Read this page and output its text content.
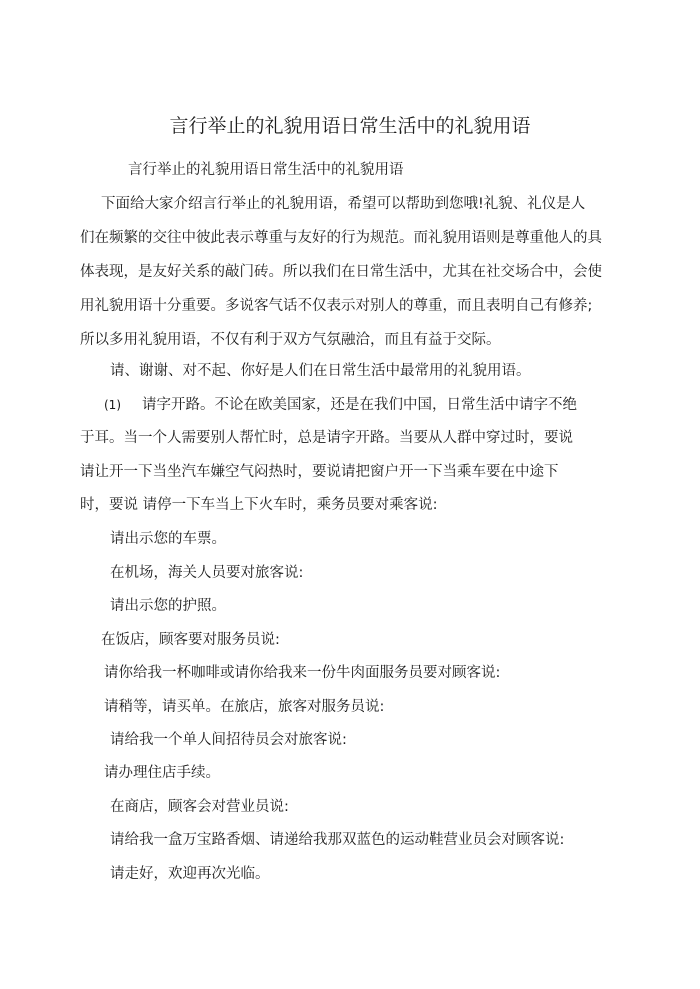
言行举止的礼貌用语日常生活中的礼貌用语
言行举止的礼貌用语日常生活中的礼貌用语
下面给大家介绍言行举止的礼貌用语，希望可以帮助到您哦!礼貌、礼仪是人
们在频繁的交往中彼此表示尊重与友好的行为规范。而礼貌用语则是尊重他人的具
体表现，是友好关系的敲门砖。所以我们在日常生活中，尤其在社交场合中，会使
用礼貌用语十分重要。多说客气话不仅表示对别人的尊重，而且表明自己有修养;
所以多用礼貌用语，不仅有利于双方气氛融洽，而且有益于交际。
请、谢谢、对不起、你好是人们在日常生活中最常用的礼貌用语。
(1) 请字开路。不论在欧美国家，还是在我们中国，日常生活中请字不绝
于耳。当一个人需要别人帮忙时，总是请字开路。当要从人群中穿过时，要说
请让开一下当坐汽车嫌空气闷热时，要说请把窗户开一下当乘车要在中途下
时，要说 请停一下车当上下火车时，乘务员要对乘客说:
请出示您的车票。
在机场，海关人员要对旅客说:
请出示您的护照。
在饭店，顾客要对服务员说:
请你给我一杯咖啡或请你给我来一份牛肉面服务员要对顾客说:
请稍等，请买单。在旅店，旅客对服务员说:
请给我一个单人间招待员会对旅客说:
请办理住店手续。
在商店，顾客会对营业员说:
请给我一盒万宝路香烟、请递给我那双蓝色的运动鞋营业员会对顾客说:
请走好，欢迎再次光临。
